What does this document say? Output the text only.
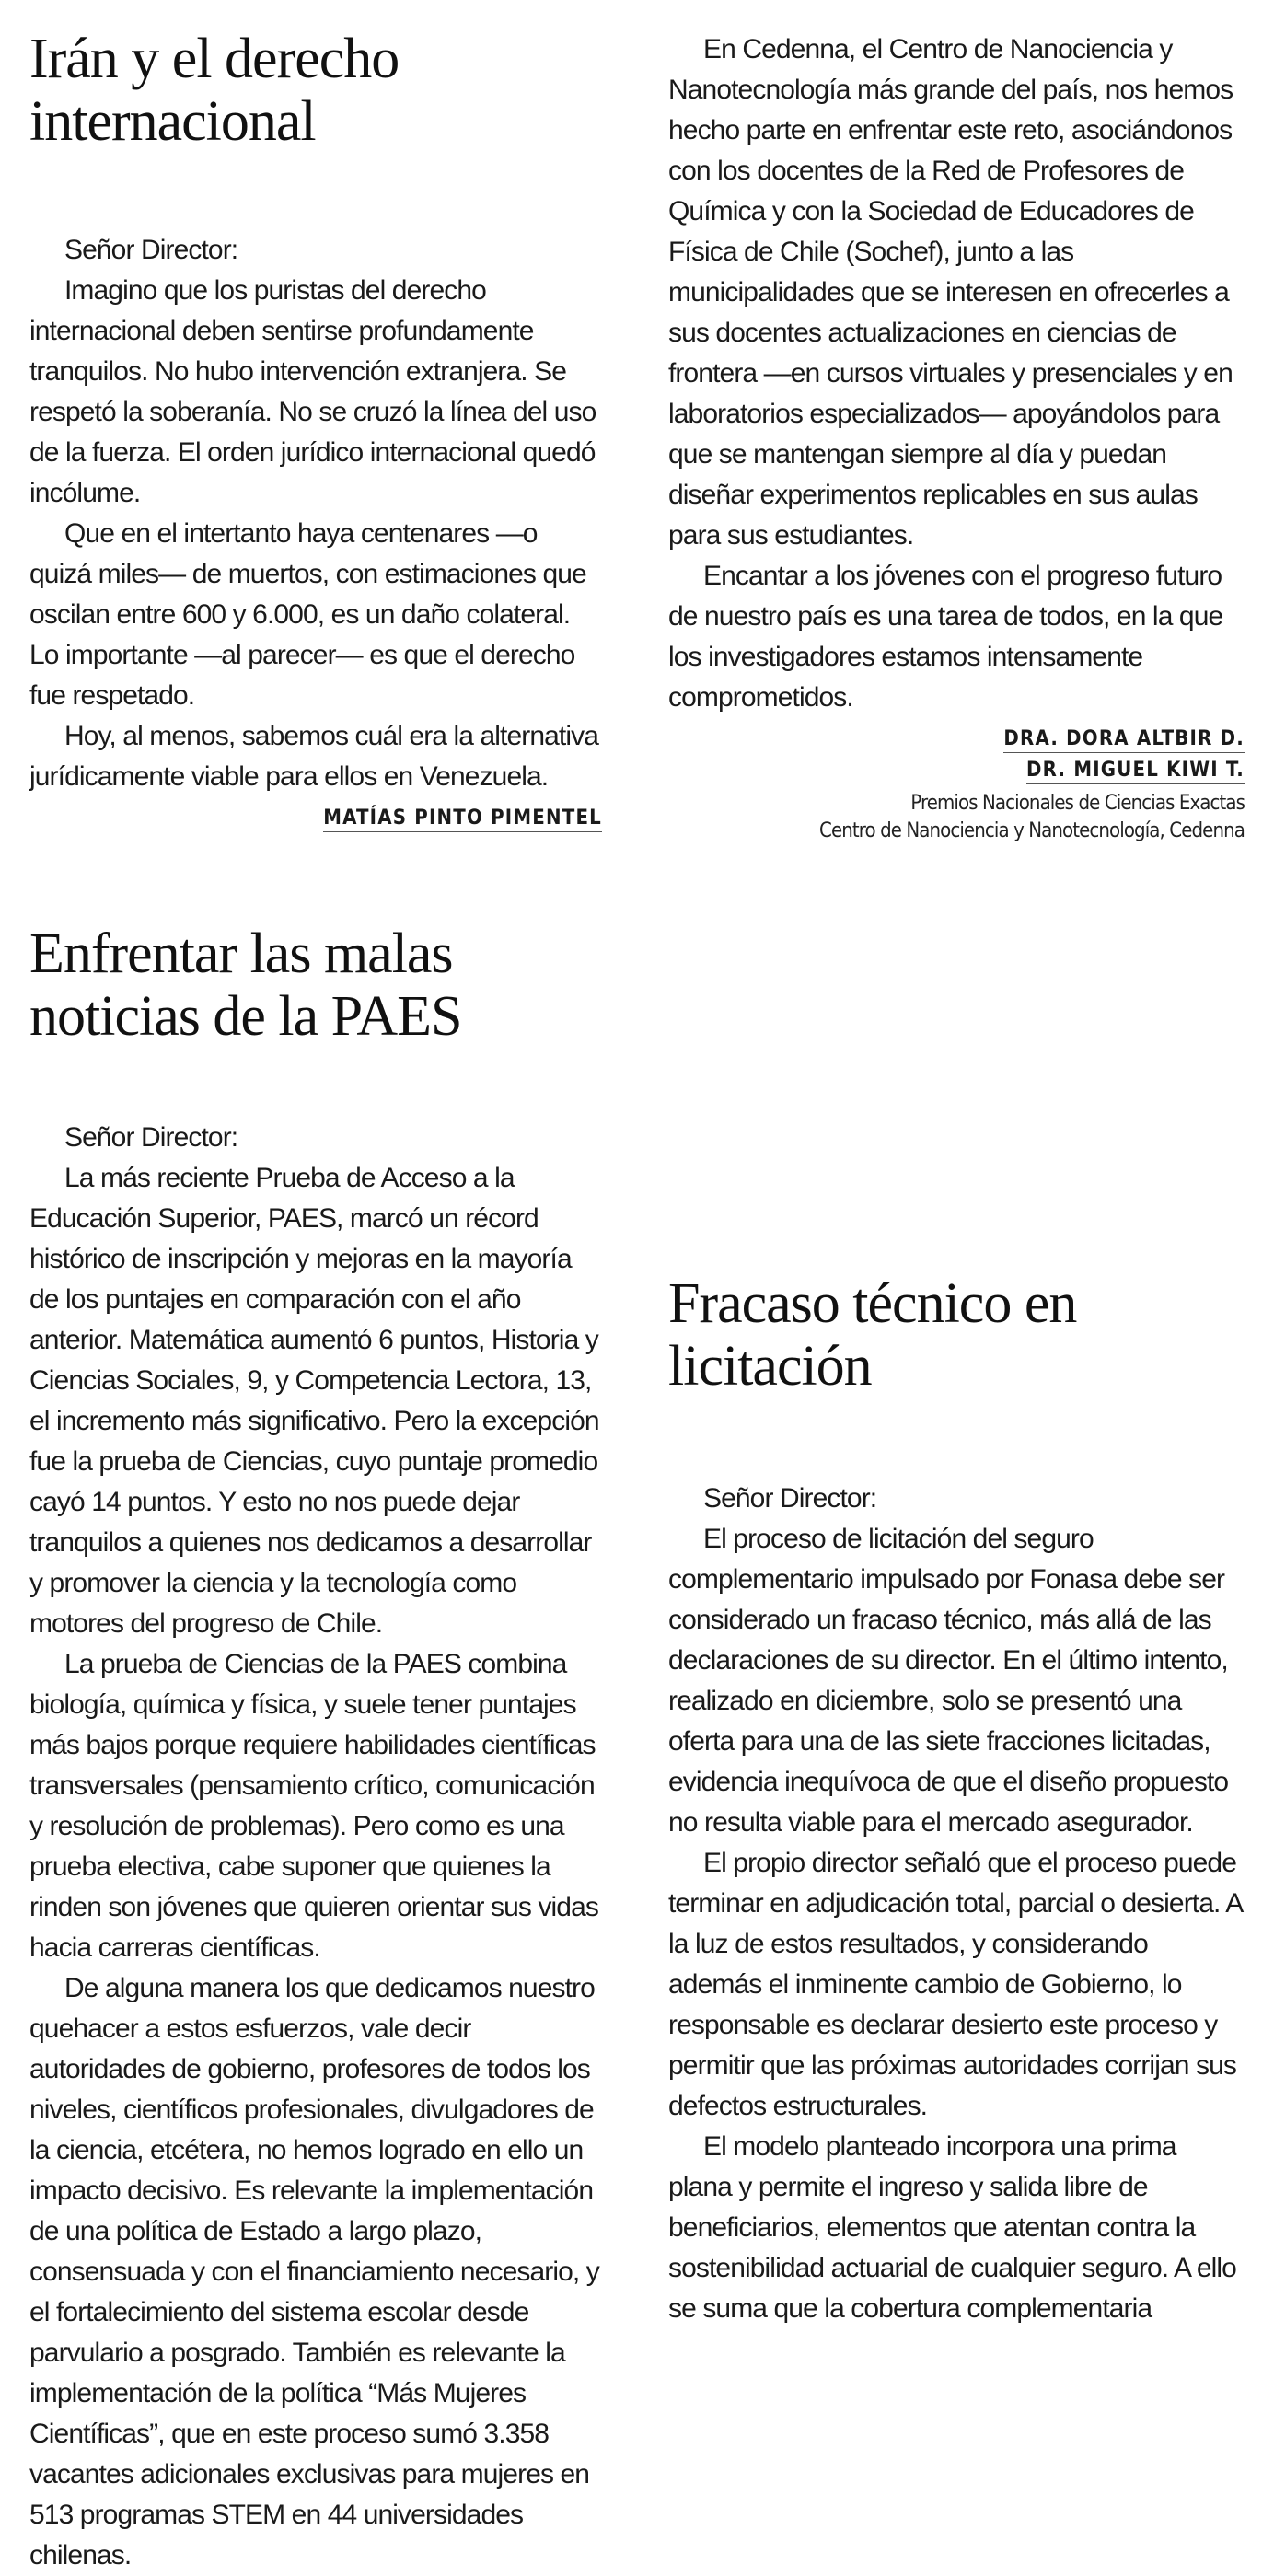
Irán y el derecho internacional

Señor Director:

Imagino que los puristas del derecho internacional deben sentirse profundamente tranquilos. No hubo intervención extranjera. Se respetó la soberanía. No se cruzó la línea del uso de la fuerza. El orden jurídico internacional quedó incólume.

Que en el intertanto haya centenares —o quizá miles— de muertos, con estimaciones que oscilan entre 600 y 6.000, es un daño colateral. Lo importante —al parecer— es que el derecho fue respetado.

Hoy, al menos, sabemos cuál era la alternativa jurídicamente viable para ellos en Venezuela.

MATÍAS PINTO PIMENTEL
Enfrentar las malas noticias de la PAES

Señor Director:

La más reciente Prueba de Acceso a la Educación Superior, PAES, marcó un récord histórico de inscripción y mejoras en la mayoría de los puntajes en comparación con el año anterior. Matemática aumentó 6 puntos, Historia y Ciencias Sociales, 9, y Competencia Lectora, 13, el incremento más significativo. Pero la excepción fue la prueba de Ciencias, cuyo puntaje promedio cayó 14 puntos. Y esto no nos puede dejar tranquilos a quienes nos dedicamos a desarrollar y promover la ciencia y la tecnología como motores del progreso de Chile.

La prueba de Ciencias de la PAES combina biología, química y física, y suele tener puntajes más bajos porque requiere habilidades científicas transversales (pensamiento crítico, comunicación y resolución de problemas). Pero como es una prueba electiva, cabe suponer que quienes la rinden son jóvenes que quieren orientar sus vidas hacia carreras científicas.

De alguna manera los que dedicamos nuestro quehacer a estos esfuerzos, vale decir autoridades de gobierno, profesores de todos los niveles, científicos profesionales, divulgadores de la ciencia, etcétera, no hemos logrado en ello un impacto decisivo. Es relevante la implementación de una política de Estado a largo plazo, consensuada y con el financiamiento necesario, y el fortalecimiento del sistema escolar desde parvulario a posgrado. También es relevante la implementación de la política “Más Mujeres Científicas”, que en este proceso sumó 3.358 vacantes adicionales exclusivas para mujeres en 513 programas STEM en 44 universidades chilenas.

En Cedenna, el Centro de Nanociencia y Nanotecnología más grande del país, nos hemos hecho parte en enfrentar este reto, asociándonos con los docentes de la Red de Profesores de Química y con la Sociedad de Educadores de Física de Chile (Sochef), junto a las municipalidades que se interesen en ofrecerles a sus docentes actualizaciones en ciencias de frontera —en cursos virtuales y presenciales y en laboratorios especializados— apoyándolos para que se mantengan siempre al día y puedan diseñar experimentos replicables en sus aulas para sus estudiantes.

Encantar a los jóvenes con el progreso futuro de nuestro país es una tarea de todos, en la que los investigadores estamos intensamente comprometidos.

DRA. DORA ALTBIR D.
DR. MIGUEL KIWI T.
Premios Nacionales de Ciencias Exactas
Centro de Nanociencia y Nanotecnología, Cedenna
Fracaso técnico en licitación

Señor Director:

El proceso de licitación del seguro complementario impulsado por Fonasa debe ser considerado un fracaso técnico, más allá de las declaraciones de su director. En el último intento, realizado en diciembre, solo se presentó una oferta para una de las siete fracciones licitadas, evidencia inequívoca de que el diseño propuesto no resulta viable para el mercado asegurador.

El propio director señaló que el proceso puede terminar en adjudicación total, parcial o desierta. A la luz de estos resultados, y considerando además el inminente cambio de Gobierno, lo responsable es declarar desierto este proceso y permitir que las próximas autoridades corrijan sus defectos estructurales.

El modelo planteado incorpora una prima plana y permite el ingreso y salida libre de beneficiarios, elementos que atentan contra la sostenibilidad actuarial de cualquier seguro. A ello se suma que la cobertura complementaria
